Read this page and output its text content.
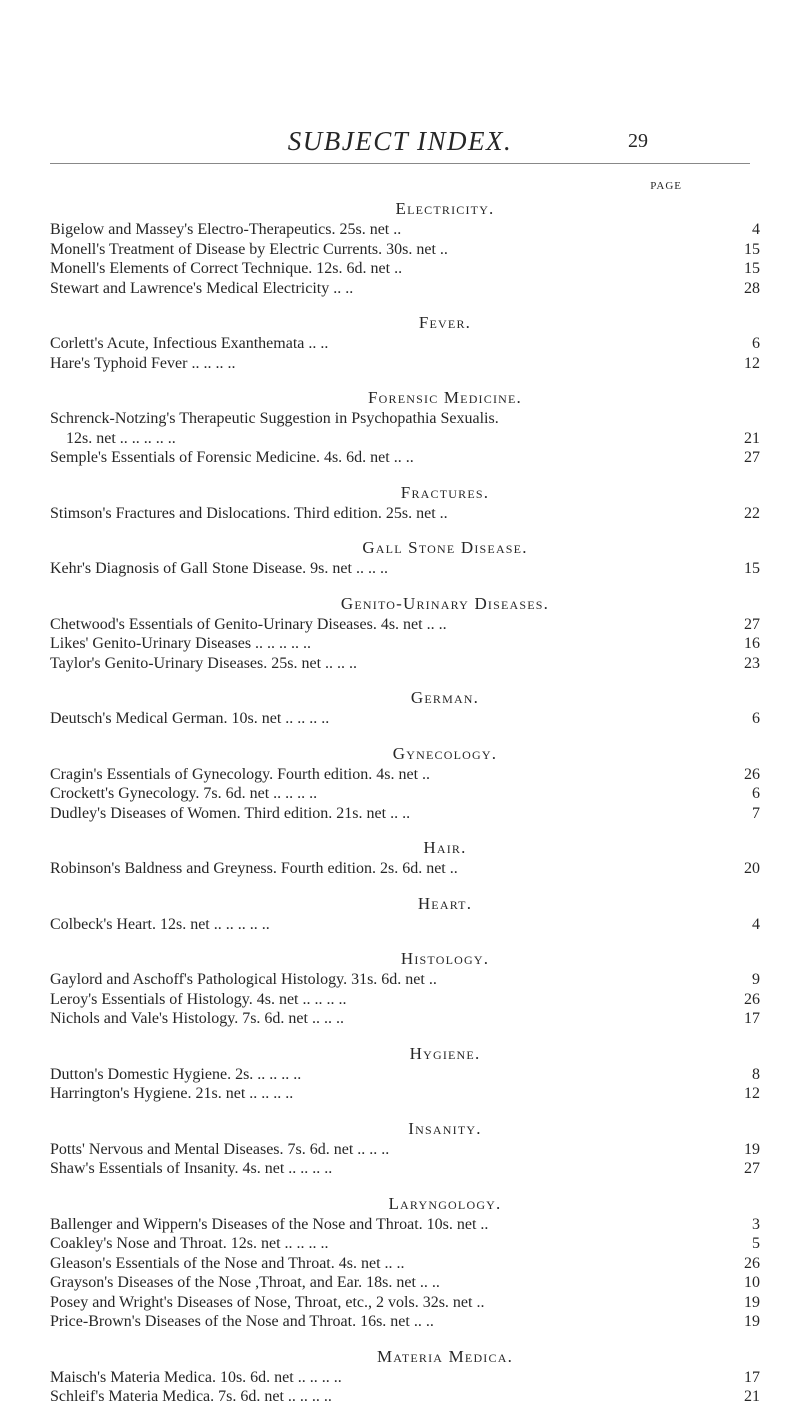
SUBJECT INDEX.	29
PAGE
Electricity.
Bigelow and Massey's Electro-Therapeutics. 25s. net ..	4
Monell's Treatment of Disease by Electric Currents. 30s. net ..	15
Monell's Elements of Correct Technique. 12s. 6d. net ..	15
Stewart and Lawrence's Medical Electricity .. ..	28
Fever.
Corlett's Acute, Infectious Exanthemata .. ..	6
Hare's Typhoid Fever .. .. .. ..	12
Forensic Medicine.
Schrenck-Notzing's Therapeutic Suggestion in Psychopathia Sexualis.
12s. net .. .. .. .. ..	21
Semple's Essentials of Forensic Medicine. 4s. 6d. net .. ..	27
Fractures.
Stimson's Fractures and Dislocations. Third edition. 25s. net ..	22
Gall Stone Disease.
Kehr's Diagnosis of Gall Stone Disease. 9s. net .. .. ..	15
Genito-Urinary Diseases.
Chetwood's Essentials of Genito-Urinary Diseases. 4s. net .. ..	27
Likes' Genito-Urinary Diseases .. .. .. .. ..	16
Taylor's Genito-Urinary Diseases. 25s. net .. .. ..	23
German.
Deutsch's Medical German. 10s. net .. .. .. ..	6
Gynecology.
Cragin's Essentials of Gynecology. Fourth edition. 4s. net ..	26
Crockett's Gynecology. 7s. 6d. net .. .. .. ..	6
Dudley's Diseases of Women. Third edition. 21s. net .. ..	7
Hair.
Robinson's Baldness and Greyness. Fourth edition. 2s. 6d. net ..	20
Heart.
Colbeck's Heart. 12s. net .. .. .. .. ..	4
Histology.
Gaylord and Aschoff's Pathological Histology. 31s. 6d. net ..	9
Leroy's Essentials of Histology. 4s. net .. .. .. ..	26
Nichols and Vale's Histology. 7s. 6d. net .. .. ..	17
Hygiene.
Dutton's Domestic Hygiene. 2s. .. .. .. ..	8
Harrington's Hygiene. 21s. net .. .. .. ..	12
Insanity.
Potts' Nervous and Mental Diseases. 7s. 6d. net .. .. ..	19
Shaw's Essentials of Insanity. 4s. net .. .. .. ..	27
Laryngology.
Ballenger and Wippern's Diseases of the Nose and Throat. 10s. net ..	3
Coakley's Nose and Throat. 12s. net .. .. .. ..	5
Gleason's Essentials of the Nose and Throat. 4s. net .. ..	26
Grayson's Diseases of the Nose ,Throat, and Ear. 18s. net .. ..	10
Posey and Wright's Diseases of Nose, Throat, etc., 2 vols. 32s. net ..	19
Price-Brown's Diseases of the Nose and Throat. 16s. net .. ..	19
Materia Medica.
Maisch's Materia Medica. 10s. 6d. net .. .. .. ..	17
Schleif's Materia Medica. 7s. 6d. net .. .. .. ..	21
